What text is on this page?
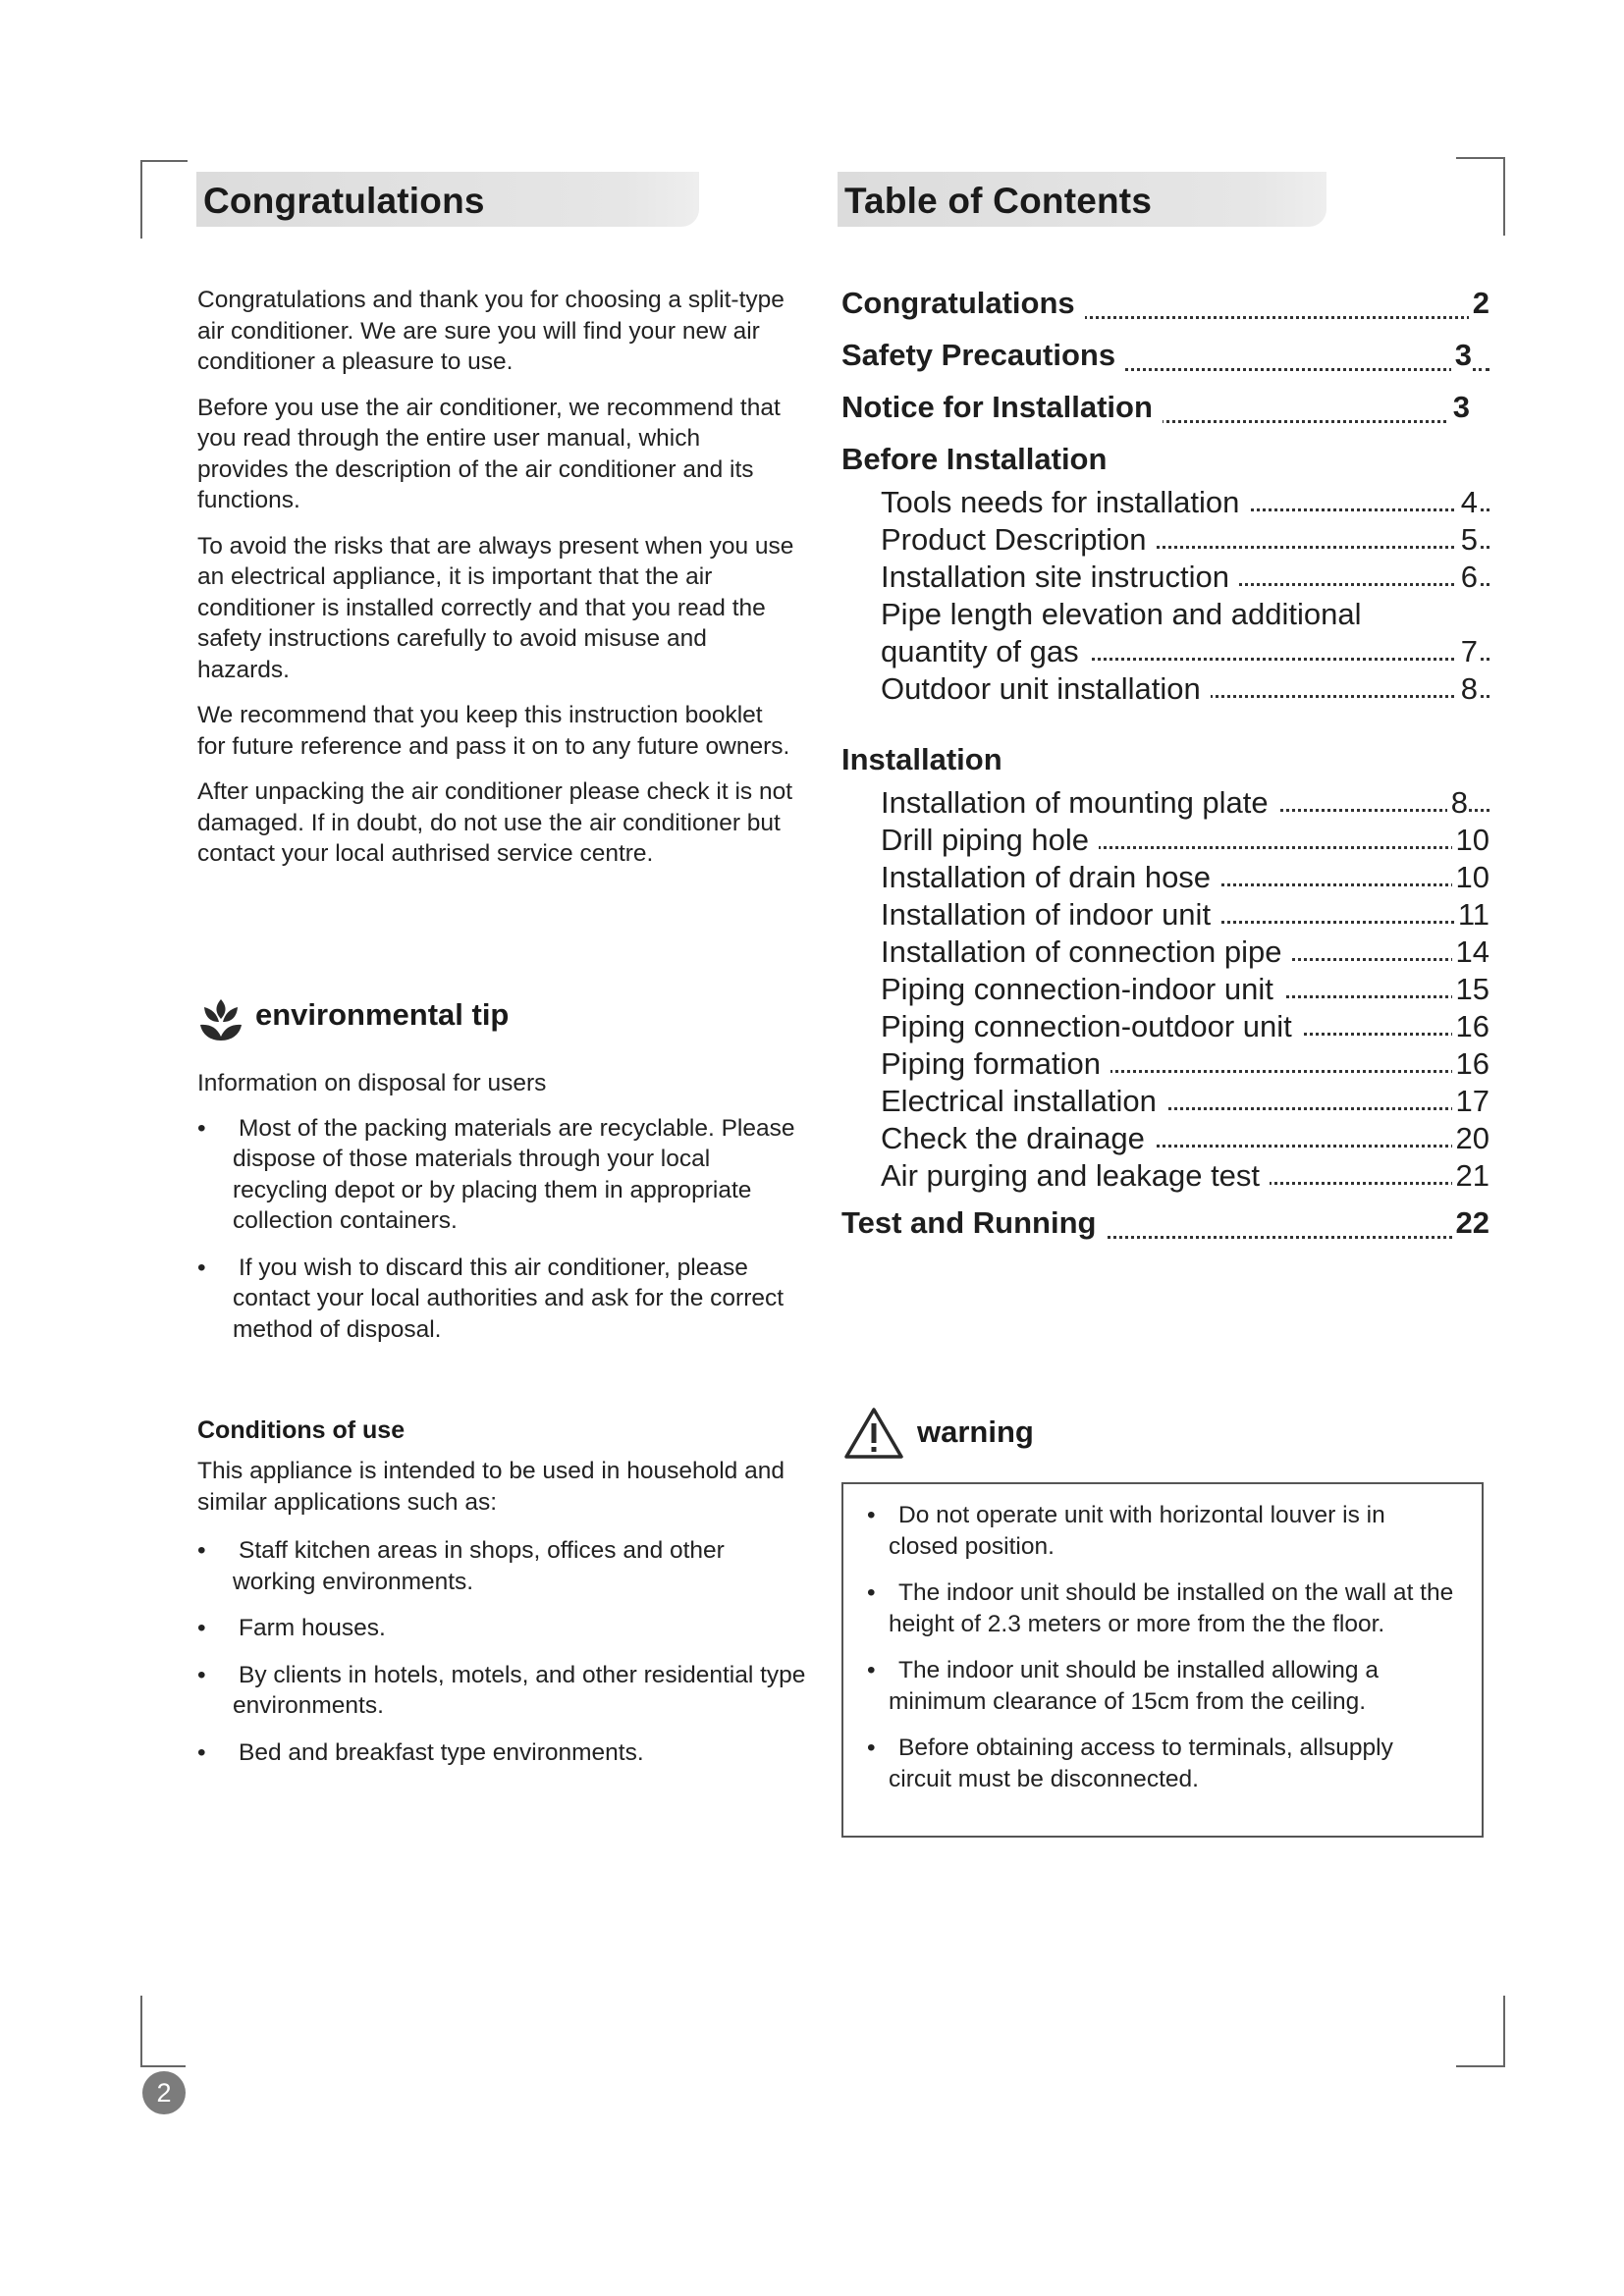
Congratulations

Congratulations and thank you for choosing a split-type air conditioner. We are sure you will find your new air conditioner a pleasure to use.

Before you use the air conditioner, we recommend that you read through the entire user manual, which provides the description of the air conditioner and its functions.

To avoid the risks that are always present when you use an electrical appliance, it is important that the air conditioner is installed correctly and that you read the safety instructions carefully to avoid misuse and hazards.

We recommend that you keep this instruction booklet for future reference and pass it on to any future owners.

After unpacking the air conditioner please check it is not damaged. If in doubt, do not use the air conditioner but contact your local authrised service centre.

environmental tip

Information on disposal for users

•	Most of the packing materials are recyclable. Please dispose of those materials through your local recycling depot or by placing them in appropriate collection containers.
•	If you wish to discard this air conditioner, please contact your local authorities and ask for the correct method of disposal.
Conditions of use

This appliance is intended to be used in household and similar applications such as:

•	Staff kitchen areas in shops, offices and other working environments.
•	Farm houses.
•	By clients in hotels, motels, and other residential type environments.
•	Bed and breakfast type environments.
Table of Contents
Congratulations	2
Safety Precautions	3
Notice for Installation	3
Before Installation
Tools needs for installation	4
Product Description	5
Installation site instruction	6
Pipe length elevation and additional
quantity of gas	7
Outdoor unit installation	8
Installation
Installation of mounting plate	8
Drill piping hole	10
Installation of drain hose	10
Installation of indoor unit	11
Installation of connection pipe	14
Piping connection-indoor unit	15
Piping connection-outdoor unit	16
Piping formation	16
Electrical installation	17
Check the drainage	20
Air purging and leakage test	21
Test and Running	22
warning
• Do not operate unit with horizontal louver is in closed position.
• The indoor unit should be installed on the wall at the height of 2.3 meters or more from the the floor.
• The indoor unit should be installed allowing a minimum clearance of 15cm from the ceiling.
• Before obtaining access to terminals, allsupply circuit must be disconnected.
2
